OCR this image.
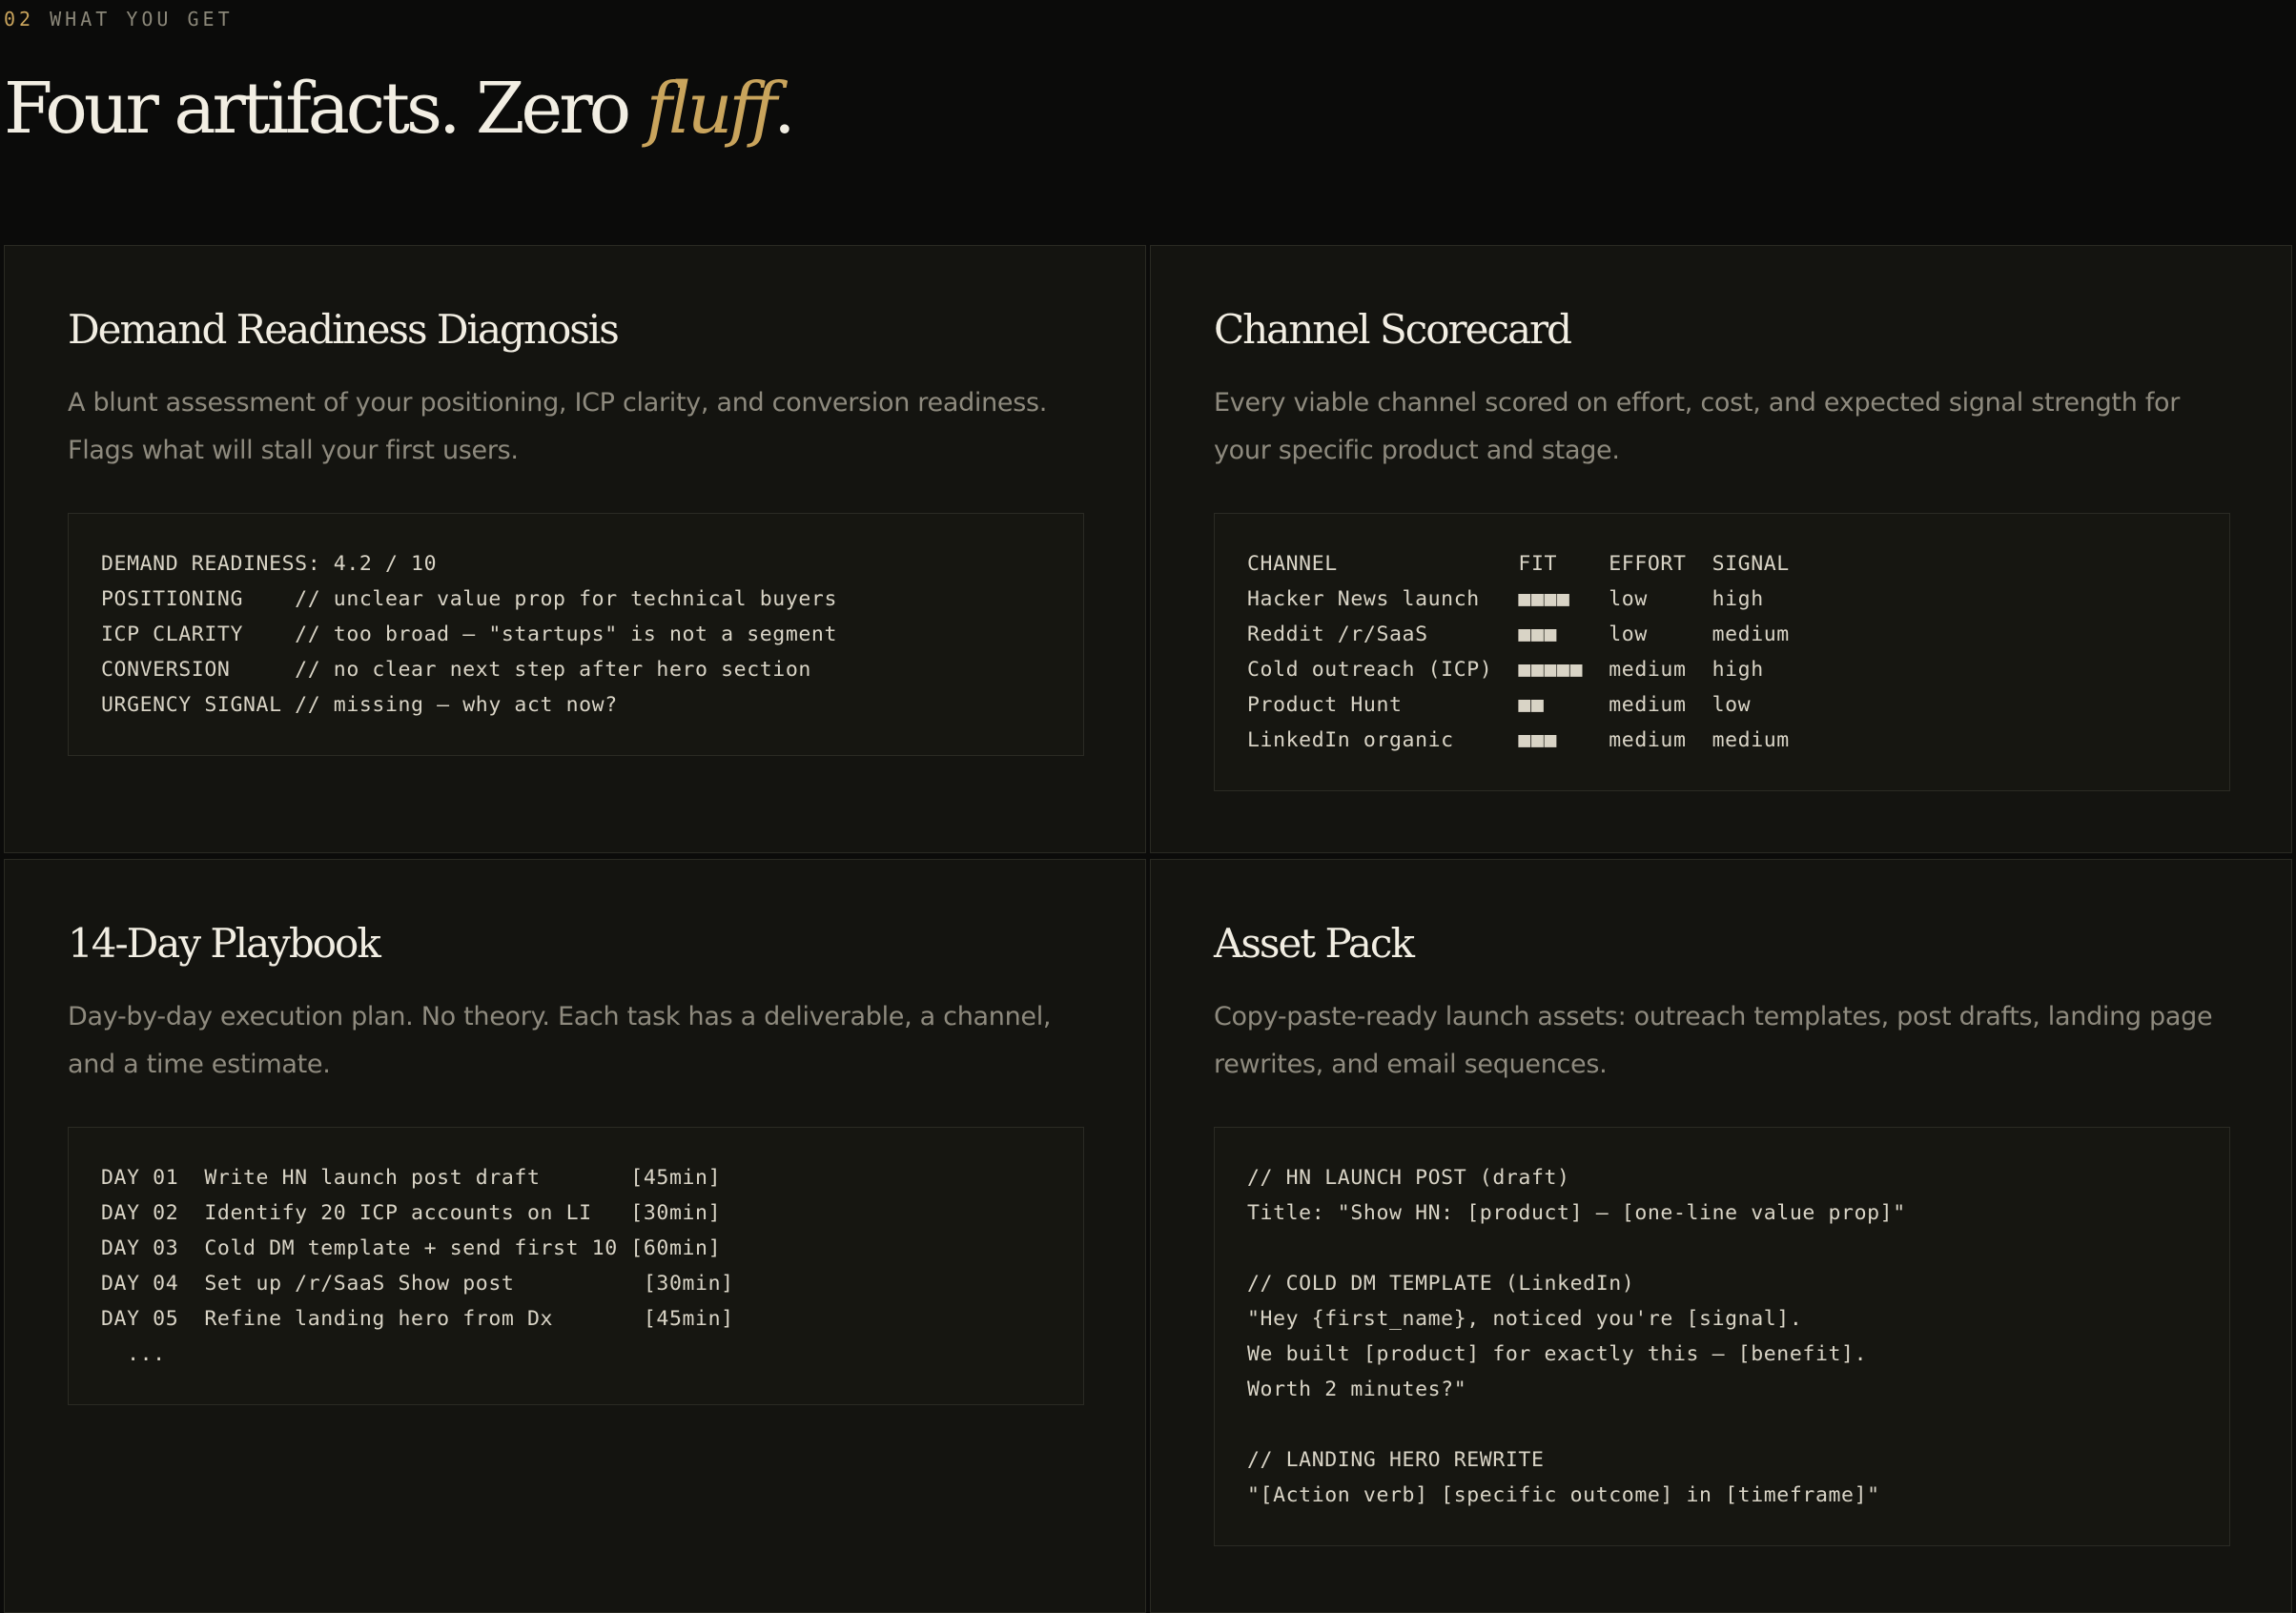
02 WHAT YOU GET
Four artifacts. Zero fluff.
Demand Readiness Diagnosis

A blunt assessment of your positioning, ICP clarity, and conversion readiness. Flags what will stall your first users.

DEMAND READINESS: 4.2 / 10
POSITIONING    // unclear value prop for technical buyers
ICP CLARITY    // too broad — "startups" is not a segment
CONVERSION     // no clear next step after hero section
URGENCY SIGNAL // missing — why act now?
Channel Scorecard

Every viable channel scored on effort, cost, and expected signal strength for your specific product and stage.

CHANNEL              FIT    EFFORT  SIGNAL
Hacker News launch   ■■■■   low     high
Reddit /r/SaaS       ■■■    low     medium
Cold outreach (ICP)  ■■■■■  medium  high
Product Hunt         ■■     medium  low
LinkedIn organic     ■■■    medium  medium
14-Day Playbook

Day-by-day execution plan. No theory. Each task has a deliverable, a channel, and a time estimate.

DAY 01  Write HN launch post draft       [45min]
DAY 02  Identify 20 ICP accounts on LI   [30min]
DAY 03  Cold DM template + send first 10 [60min]
DAY 04  Set up /r/SaaS Show post          [30min]
DAY 05  Refine landing hero from Dx       [45min]
...
Asset Pack

Copy-paste-ready launch assets: outreach templates, post drafts, landing page rewrites, and email sequences.

// HN LAUNCH POST (draft)
Title: "Show HN: [product] — [one-line value prop]"
// COLD DM TEMPLATE (LinkedIn)
"Hey {first_name}, noticed you're [signal].
We built [product] for exactly this — [benefit].
Worth 2 minutes?"
// LANDING HERO REWRITE
"[Action verb] [specific outcome] in [timeframe]"
